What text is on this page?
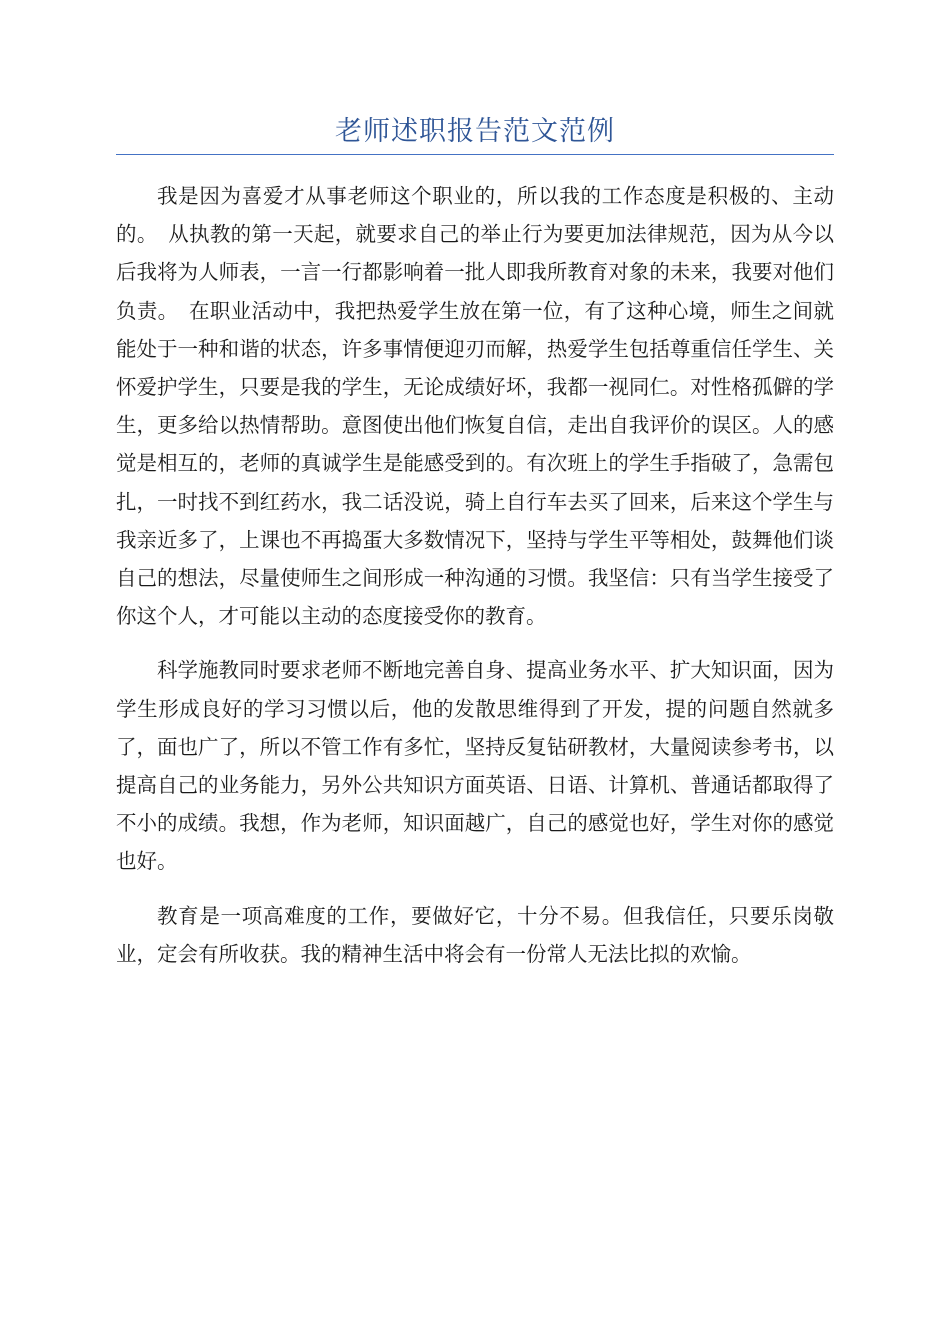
老师述职报告范文范例

我是因为喜爱才从事老师这个职业的，所以我的工作态度是积极的、主动的。　从执教的第一天起，就要求自己的举止行为要更加法律规范，因为从今以后我将为人师表，一言一行都影响着一批人即我所教育对象的未来，我要对他们负责。　在职业活动中，我把热爱学生放在第一位，有了这种心境，师生之间就能处于一种和谐的状态，许多事情便迎刃而解，热爱学生包括尊重信任学生、关怀爱护学生，只要是我的学生，无论成绩好坏，我都一视同仁。对性格孤僻的学生，更多给以热情帮助。意图使出他们恢复自信，走出自我评价的误区。人的感觉是相互的，老师的真诚学生是能感受到的。有次班上的学生手指破了，急需包扎，一时找不到红药水，我二话没说，骑上自行车去买了回来，后来这个学生与我亲近多了，上课也不再捣蛋大多数情况下，坚持与学生平等相处，鼓舞他们谈自己的想法，尽量使师生之间形成一种沟通的习惯。我坚信：只有当学生接受了你这个人，才可能以主动的态度接受你的教育。

科学施教同时要求老师不断地完善自身、提高业务水平、扩大知识面，因为学生形成良好的学习习惯以后，他的发散思维得到了开发，提的问题自然就多了，面也广了，所以不管工作有多忙，坚持反复钻研教材，大量阅读参考书，以提高自己的业务能力，另外公共知识方面英语、日语、计算机、普通话都取得了不小的成绩。我想，作为老师，知识面越广，自己的感觉也好，学生对你的感觉也好。

教育是一项高难度的工作，要做好它，十分不易。但我信任，只要乐岗敬业，定会有所收获。我的精神生活中将会有一份常人无法比拟的欢愉。
